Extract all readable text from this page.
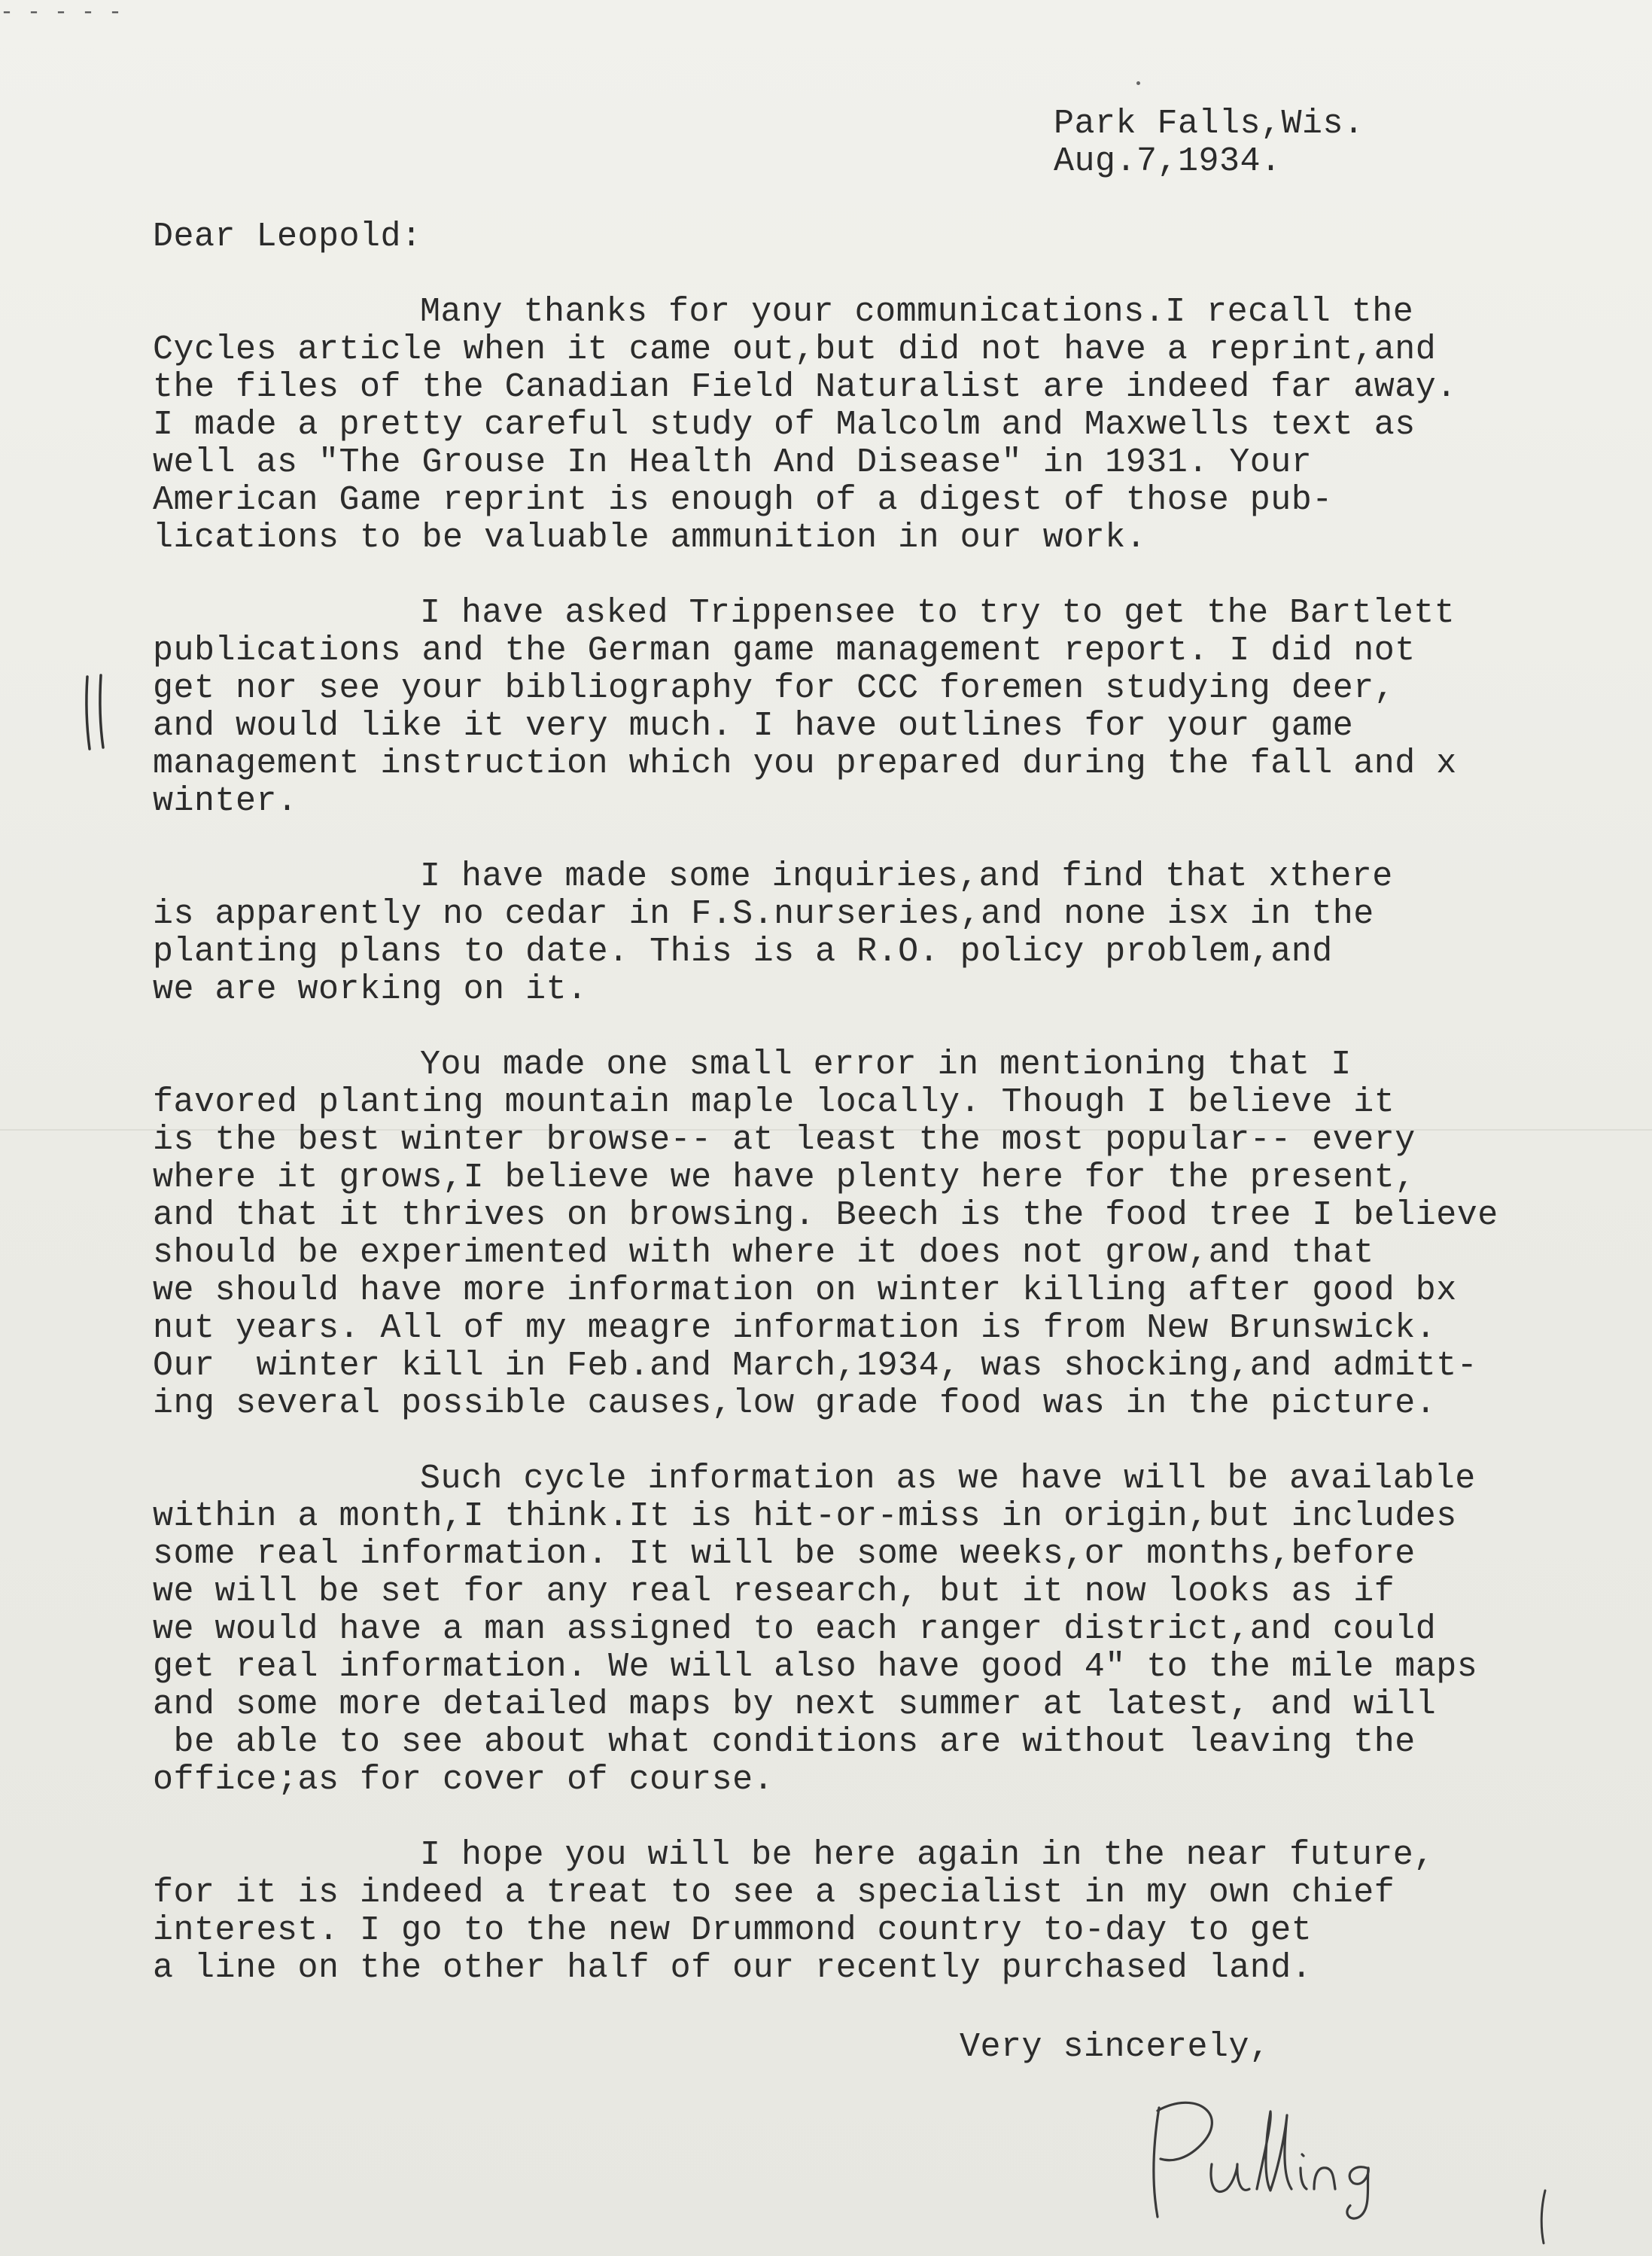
- - - - -
Park Falls,Wis.
Aug.7,1934.
Dear Leopold:
Many thanks for your communications.I recall the
Cycles article when it came out,but did not have a reprint,and
the files of the Canadian Field Naturalist are indeed far away.
I made a pretty careful study of Malcolm and Maxwells text as
well as "The Grouse In Health And Disease" in 1931. Your
American Game reprint is enough of a digest of those pub-
lications to be valuable ammunition in our work.
I have asked Trippensee to try to get the Bartlett
publications and the German game management report. I did not
get nor see your bibliography for CCC foremen studying deer,
and would like it very much. I have outlines for your game
management instruction which you prepared during the fall and x
winter.
I have made some inquiries,and find that xthere
is apparently no cedar in F.S.nurseries,and none isx in the
planting plans to date. This is a R.O. policy problem,and
we are working on it.
You made one small error in mentioning that I
favored planting mountain maple locally. Though I believe it
is the best winter browse-- at least the most popular-- every
where it grows,I believe we have plenty here for the present,
and that it thrives on browsing. Beech is the food tree I believe
should be experimented with where it does not grow,and that
we should have more information on winter killing after good bx
nut years. All of my meagre information is from New Brunswick.
Our  winter kill in Feb.and March,1934, was shocking,and admitt-
ing several possible causes,low grade food was in the picture.
Such cycle information as we have will be available
within a month,I think.It is hit-or-miss in origin,but includes
some real information. It will be some weeks,or months,before
we will be set for any real research, but it now looks as if
we would have a man assigned to each ranger district,and could
get real information. We will also have good 4" to the mile maps
and some more detailed maps by next summer at latest, and will
be able to see about what conditions are without leaving the
office;as for cover of course.
I hope you will be here again in the near future,
for it is indeed a treat to see a specialist in my own chief
interest. I go to the new Drummond country to-day to get
a line on the other half of our recently purchased land.
Very sincerely,
